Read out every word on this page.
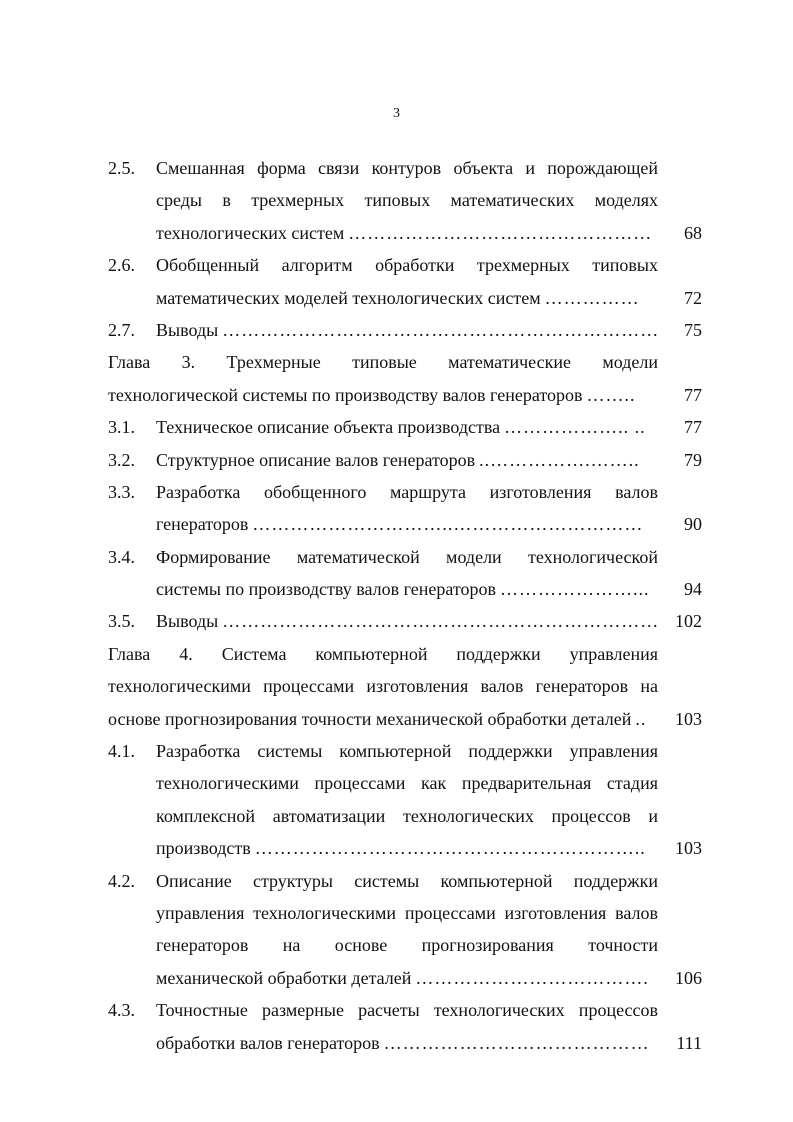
3
2.5. Смешанная форма связи контуров объекта и порождающей
среды в трехмерных типовых математических моделях
технологических систем …………………………………………	68
2.6. Обобщенный алгоритм обработки трехмерных типовых
математических моделей технологических систем ……………	72
2.7.	Выводы ……………………………………………………………	75
Глава 3. Трехмерные типовые математические модели
технологической системы по производству валов генераторов ……..	77
3.1.	Техническое описание объекта производства ……………….. ..	77
3.2.	Структурное описание валов генераторов ..…………….……..	79
3.3. Разработка обобщенного маршрута изготовления валов
генераторов …………………………..…………………………	90
3.4. Формирование математической модели технологической
системы по производству валов генераторов …………………...	94
3.5.	Выводы …………………………………………………………… 102
Глава 4. Система компьютерной поддержки управления
технологическими процессами изготовления валов генераторов на
основе прогнозирования точности механической обработки деталей ..	103
4.1. Разработка системы компьютерной поддержки управления
технологическими процессами как предварительная стадия
комплексной автоматизации технологических процессов и
производств ……………………………………………………..	103
4.2. Описание структуры системы компьютерной поддержки
управления технологическими процессами изготовления валов
генераторов на основе прогнозирования точности
механической обработки деталей ……………………………….	106
4.3. Точностные размерные расчеты технологических процессов
обработки валов генераторов ……………………………………	111
